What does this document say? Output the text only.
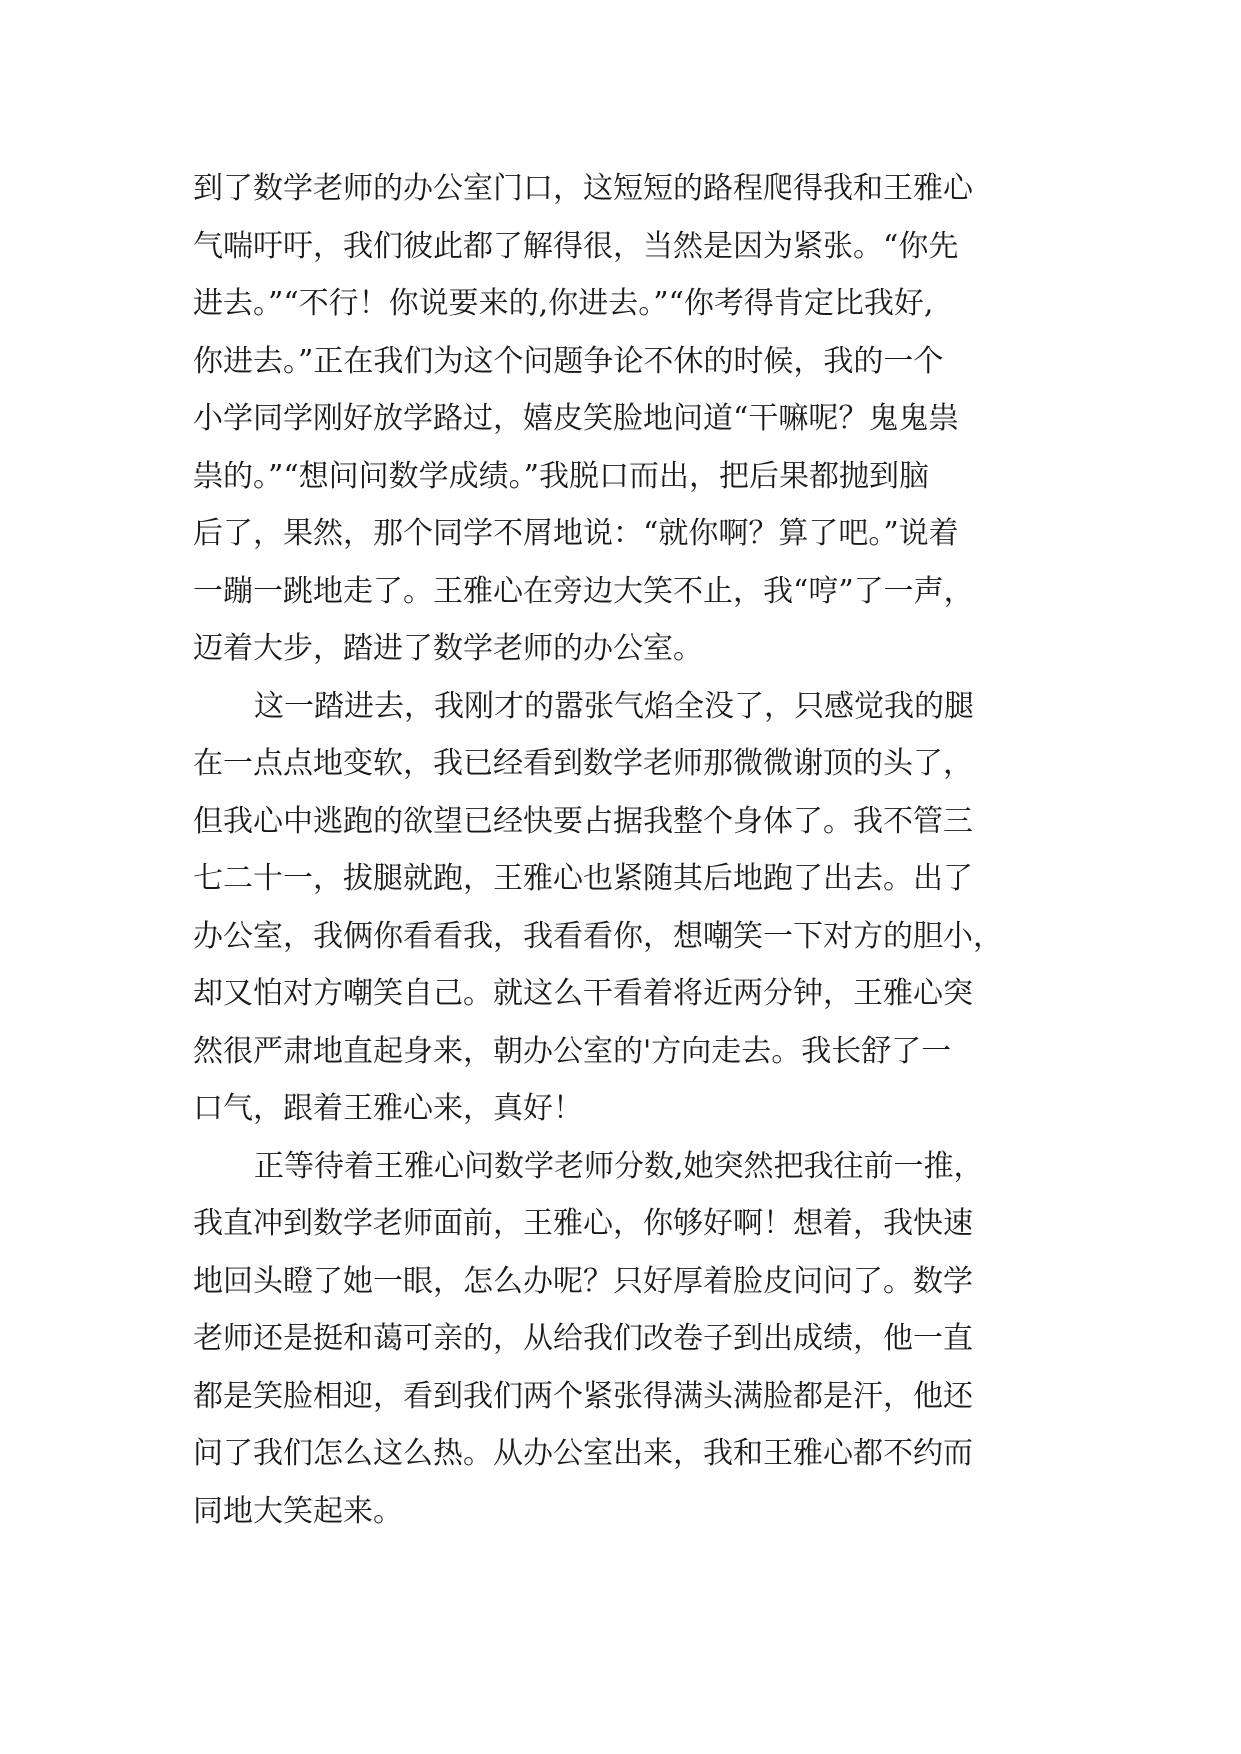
到了数学老师的办公室门口，这短短的路程爬得我和王雅心
气喘吁吁，我们彼此都了解得很，当然是因为紧张。“你先
进去。”“不行！你说要来的,你进去。”“你考得肯定比我好,
你进去。”正在我们为这个问题争论不休的时候，我的一个
小学同学刚好放学路过，嬉皮笑脸地问道“干嘛呢？鬼鬼祟
祟的。”“想问问数学成绩。”我脱口而出，把后果都抛到脑
后了，果然，那个同学不屑地说：“就你啊？算了吧。”说着
一蹦一跳地走了。王雅心在旁边大笑不止，我“哼”了一声，
迈着大步，踏进了数学老师的办公室。
这一踏进去，我刚才的嚣张气焰全没了，只感觉我的腿
在一点点地变软，我已经看到数学老师那微微谢顶的头了，
但我心中逃跑的欲望已经快要占据我整个身体了。我不管三
七二十一，拔腿就跑，王雅心也紧随其后地跑了出去。出了
办公室，我俩你看看我，我看看你，想嘲笑一下对方的胆小，
却又怕对方嘲笑自己。就这么干看着将近两分钟，王雅心突
然很严肃地直起身来，朝办公室的'方向走去。我长舒了一
口气，跟着王雅心来，真好！
正等待着王雅心问数学老师分数,她突然把我往前一推，
我直冲到数学老师面前，王雅心，你够好啊！想着，我快速
地回头瞪了她一眼，怎么办呢？只好厚着脸皮问问了。数学
老师还是挺和蔼可亲的，从给我们改卷子到出成绩，他一直
都是笑脸相迎，看到我们两个紧张得满头满脸都是汗，他还
问了我们怎么这么热。从办公室出来，我和王雅心都不约而
同地大笑起来。
